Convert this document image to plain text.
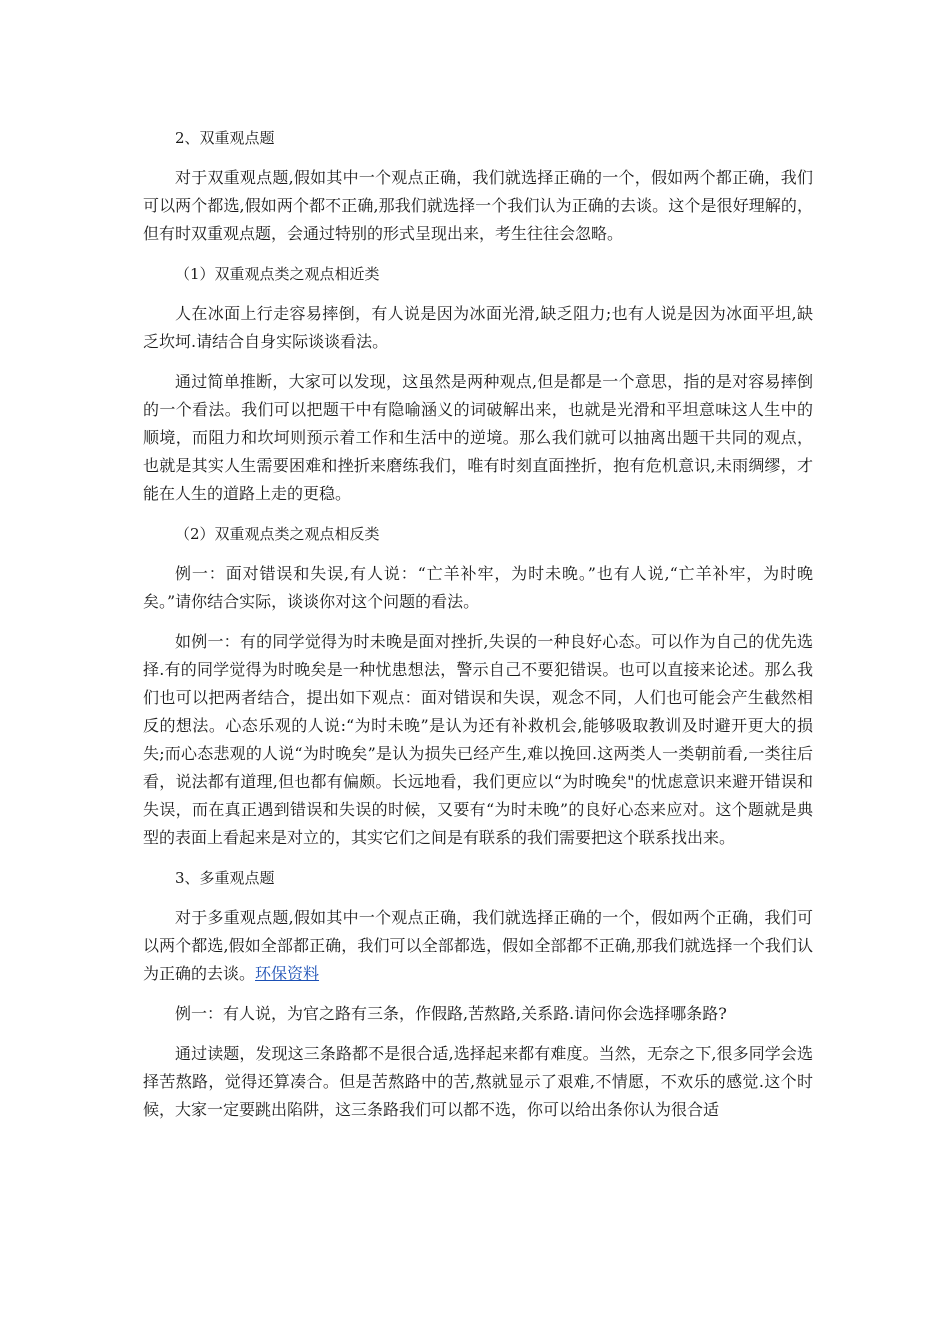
2、双重观点题

对于双重观点题,假如其中一个观点正确，我们就选择正确的一个，假如两个都正确，我们可以两个都选,假如两个都不正确,那我们就选择一个我们认为正确的去谈。这个是很好理解的，但有时双重观点题，会通过特别的形式呈现出来，考生往往会忽略。

（1）双重观点类之观点相近类

人在冰面上行走容易摔倒，有人说是因为冰面光滑,缺乏阻力;也有人说是因为冰面平坦,缺乏坎坷.请结合自身实际谈谈看法。

通过简单推断，大家可以发现，这虽然是两种观点,但是都是一个意思，指的是对容易摔倒的一个看法。我们可以把题干中有隐喻涵义的词破解出来，也就是光滑和平坦意味这人生中的顺境，而阻力和坎坷则预示着工作和生活中的逆境。那么我们就可以抽离出题干共同的观点，也就是其实人生需要困难和挫折来磨练我们，唯有时刻直面挫折，抱有危机意识,未雨绸缪，才能在人生的道路上走的更稳。

（2）双重观点类之观点相反类

例一：面对错误和失误,有人说：“亡羊补牢，为时未晚。”也有人说,“亡羊补牢，为时晚矣。”请你结合实际，谈谈你对这个问题的看法。

如例一：有的同学觉得为时未晚是面对挫折,失误的一种良好心态。可以作为自己的优先选择.有的同学觉得为时晚矣是一种忧患想法，警示自己不要犯错误。也可以直接来论述。那么我们也可以把两者结合，提出如下观点：面对错误和失误，观念不同，人们也可能会产生截然相反的想法。心态乐观的人说:“为时未晚”是认为还有补救机会,能够吸取教训及时避开更大的损失;而心态悲观的人说“为时晚矣”是认为损失已经产生,难以挽回.这两类人一类朝前看,一类往后看，说法都有道理,但也都有偏颇。长远地看，我们更应以“为时晚矣"的忧虑意识来避开错误和失误，而在真正遇到错误和失误的时候，又要有“为时未晚”的良好心态来应对。这个题就是典型的表面上看起来是对立的，其实它们之间是有联系的我们需要把这个联系找出来。

3、多重观点题

对于多重观点题,假如其中一个观点正确，我们就选择正确的一个，假如两个正确，我们可以两个都选,假如全部都正确，我们可以全部都选，假如全部都不正确,那我们就选择一个我们认为正确的去谈。环保资料

例一：有人说，为官之路有三条，作假路,苦熬路,关系路.请问你会选择哪条路?

通过读题，发现这三条路都不是很合适,选择起来都有难度。当然，无奈之下,很多同学会选择苦熬路，觉得还算凑合。但是苦熬路中的苦,熬就显示了艰难,不情愿，不欢乐的感觉.这个时候，大家一定要跳出陷阱，这三条路我们可以都不选，你可以给出条你认为很合适
